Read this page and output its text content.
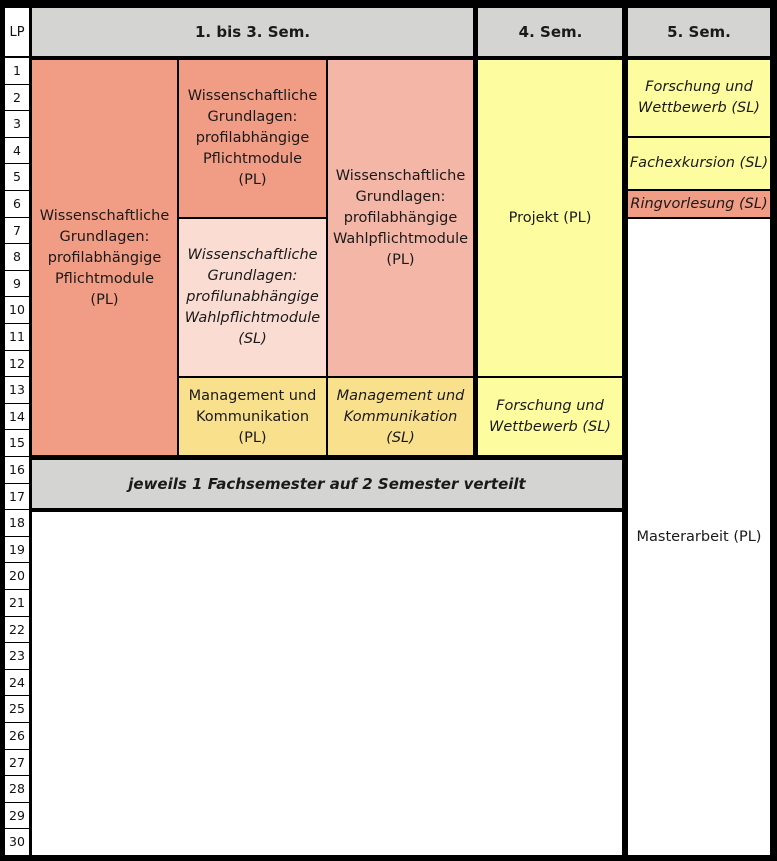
LP
1
2
3
4
5
6
7
8
9
10
11
12
13
14
15
16
17
18
19
20
21
22
23
24
25
26
27
28
29
30
1. bis 3. Sem.	4. Sem.	5. Sem.
Wissenschaftliche
Grundlagen:
profilabhängige
Pflichtmodule
(PL)
Wissenschaftliche
Grundlagen:
profilabhängige
Pflichtmodule
(PL)
Wissenschaftliche
Grundlagen:
profilunabhängige
Wahlpflichtmodule
(SL)
Management und
Kommunikation
(PL)
Wissenschaftliche
Grundlagen:
profilabhängige
Wahlpflichtmodule
(PL)
Management und
Kommunikation
(SL)
Projekt (PL)
Forschung und
Wettbewerb (SL)
jeweils 1 Fachsemester auf 2 Semester verteilt
Forschung und
Wettbewerb (SL)
Fachexkursion (SL)
Ringvorlesung (SL)
Masterarbeit (PL)
